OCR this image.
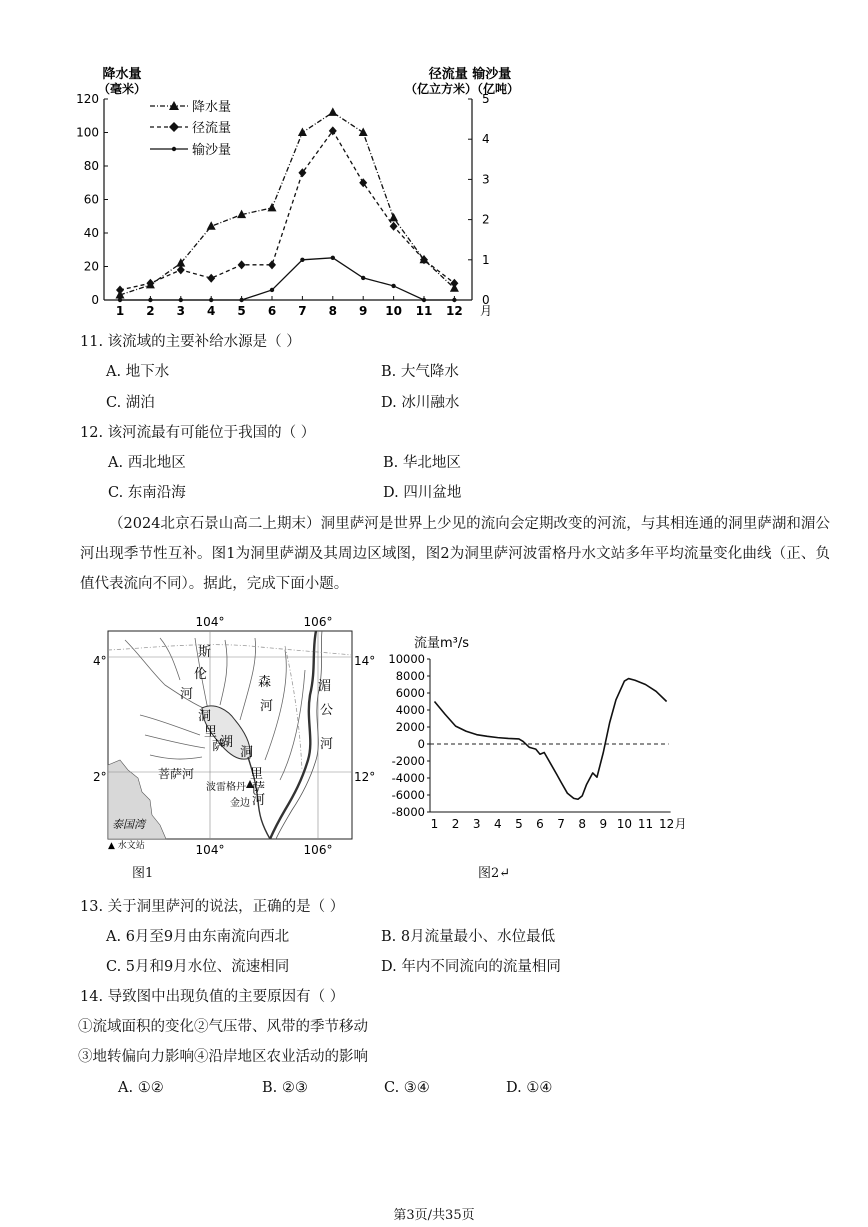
降水量
（毫米）
径流量 输沙量
（亿立方米）（亿吨）
0
20
40
60
80
100
120
0
1
2
3
4
5
1 2 3 4 5 6 7 8 9 10 11 12 月
降水量
径流量
输沙量
11. 该流域的主要补给水源是（ ）
A. 地下水	B. 大气降水
C. 湖泊	D. 冰川融水
12. 该河流最有可能位于我国的（ ）
A. 西北地区	B. 华北地区
C. 东南沿海	D. 四川盆地
（2024北京石景山高二上期末）洞里萨河是世界上少见的流向会定期改变的河流，与其相连通的洞里萨湖和湄公河出现季节性互补。图1为洞里萨湖及其周边区域图，图2为洞里萨河波雷格丹水文站多年平均流量变化曲线（正、负值代表流向不同）。据此，完成下面小题。
104°	106°
104°	106°
4°	14°
2°	12°
斯
伦
河
森
河
湄
公
河
洞
里
萨
湖
洞
里
萨
河
菩萨河
波雷格丹
金边
泰国湾
▲ 水文站
流量m³/s
10000
8000
6000
4000
2000
0
-2000
-4000
-6000
-8000
1 2 3 4 5 6 7 8 9 10 11 12 月
图1	图2↵
13. 关于洞里萨河的说法，正确的是（ ）
A. 6月至9月由东南流向西北	B. 8月流量最小、水位最低
C. 5月和9月水位、流速相同	D. 年内不同流向的流量相同
14. 导致图中出现负值的主要原因有（ ）
①流域面积的变化②气压带、风带的季节移动
③地转偏向力影响④沿岸地区农业活动的影响
A. ①②	B. ②③	C. ③④	D. ①④
第3页/共35页
